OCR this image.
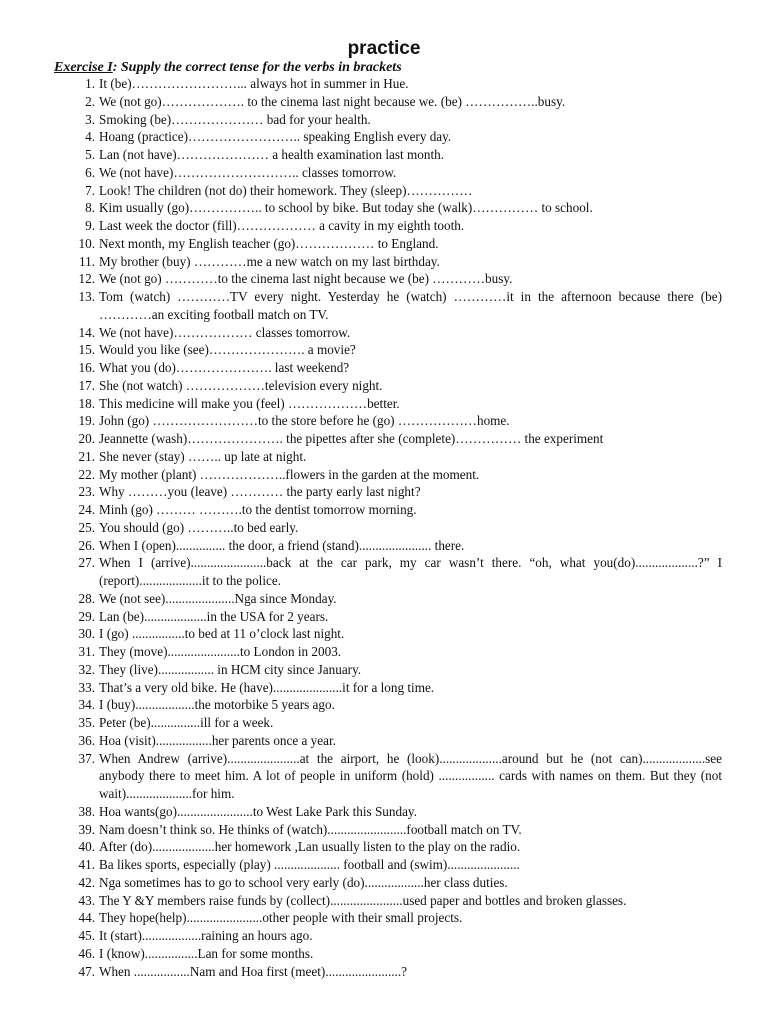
practice

Exercise I: Supply the correct tense for the verbs in brackets

1. It (be)……………………... always hot in summer in Hue.
2. We (not go)………………. to the cinema last night because we. (be) ……………..busy.
3. Smoking (be)………………… bad for your health.
4. Hoang (practice)…………………….. speaking English every day.
5. Lan (not have)………………… a health examination last month.
6. We (not have)……………………….. classes tomorrow.
7. Look! The children (not do) their homework. They (sleep)……………
8. Kim usually (go)…………….. to school by bike. But today she (walk)…………… to school.
9. Last week the doctor (fill)……………… a cavity in my eighth tooth.
10. Next month, my English teacher (go)……………… to England.
11. My brother (buy) …………me a new watch on my last birthday.
12. We (not go) …………to the cinema last night because we (be) …………busy.
13. Tom (watch) …………TV every night. Yesterday he (watch) …………it in the afternoon because there (be) …………an exciting football match on TV.
14. We (not have)……………… classes tomorrow.
15. Would you like (see)…………………. a movie?
16. What you (do)…………………. last weekend?
17. She (not watch) ………………television every night.
18. This medicine will make you (feel) ………………better.
19. John (go) ……………………to the store before he (go) ………………home.
20. Jeannette (wash)…………………. the pipettes after she (complete)…………… the experiment
21. She never (stay) …….. up late at night.
22. My mother (plant) ………………..flowers in the garden at the moment.
23. Why ………you (leave) ………… the party early last night?
24. Minh (go) ……… ……….to the dentist tomorrow morning.
25. You should (go) ………..to bed early.
26. When I (open)............... the door, a friend (stand)...................... there.
27. When I (arrive).......................back at the car park, my car wasn’t there. “oh, what you(do)...................?” I (report)...................it to the police.
28. We (not see).....................Nga since Monday.
29. Lan (be)...................in the USA for 2 years.
30. I (go) ................to bed at 11 o’clock last night.
31. They (move)......................to London in 2003.
32. They (live)................. in HCM city since January.
33. That’s a very old bike. He (have).....................it for a long time.
34. I (buy)..................the motorbike 5 years ago.
35. Peter (be)...............ill for a week.
36. Hoa (visit).................her parents once a year.
37. When Andrew (arrive)......................at the airport, he (look)...................around but he (not can)...................see anybody there to meet him. A lot of people in uniform (hold) ................. cards with names on them. But they (not wait)....................for him.
38. Hoa wants(go).......................to West Lake Park this Sunday.
39. Nam doesn’t think so. He thinks of (watch)........................football match on TV.
40. After (do)...................her homework ,Lan usually listen to the play on the radio.
41. Ba likes sports, especially (play) .................... football and (swim)......................
42. Nga sometimes has to go to school very early (do)..................her class duties.
43. The Y &Y members raise funds by (collect)......................used paper and bottles and broken glasses.
44. They hope(help).......................other people with their small projects.
45. It (start)..................raining an hours ago.
46. I (know)................Lan for some months.
47. When .................Nam and Hoa first (meet).......................?
